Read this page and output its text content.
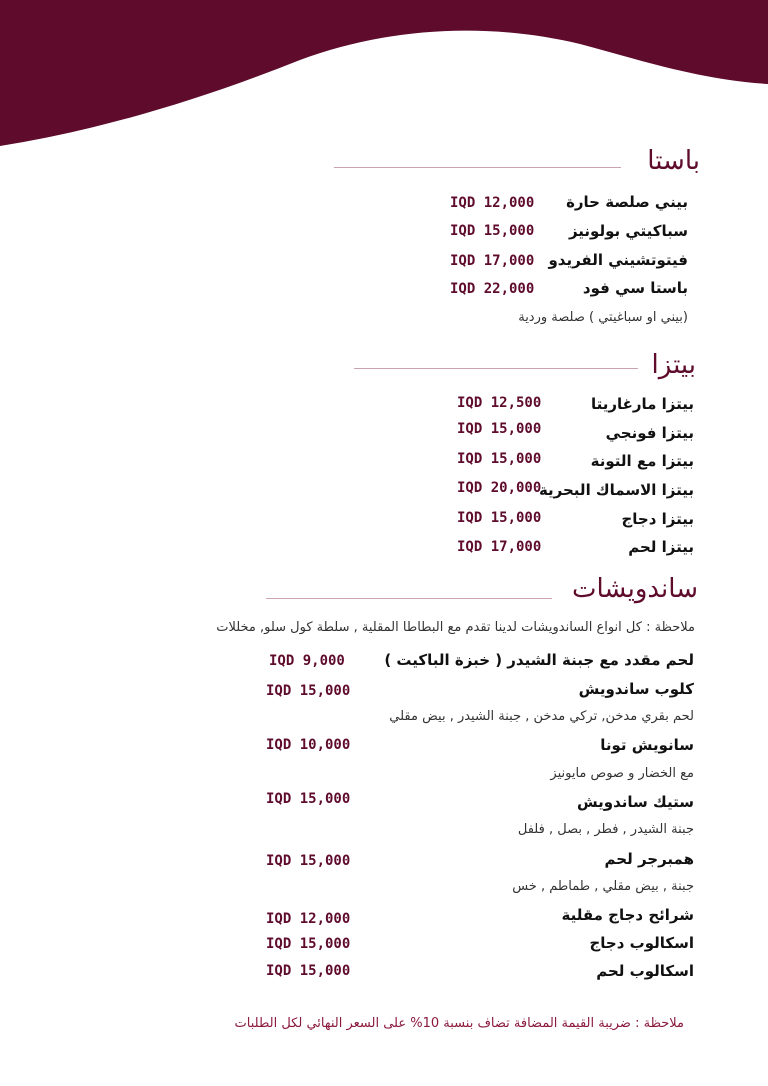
باستا
بيني صلصة حارة
IQD 12,000
سباكيتي بولونيز
IQD 15,000
فيتوتشيني الفريدو
IQD 17,000
باستا سي فود
IQD 22,000
(بيني او سباغيتي ) صلصة وردية
بيتزا
بيتزا مارغاريتا
IQD 12,500
بيتزا فونجي
IQD 15,000
بيتزا مع التونة
IQD 15,000
بيتزا الاسماك البحرية
IQD 20,000
بيتزا دجاج
IQD 15,000
بيتزا لحم
IQD 17,000
ساندويشات
ملاحظة : كل انواع الساندويشات لدينا تقدم مع البطاطا المقلية , سلطة كول سلو, مخللات
لحم مقدد مع جبنة الشيدر ( خبزة الباكيت )
IQD 9,000
كلوب ساندويش
IQD 15,000
لحم بقري مدخن, تركي مدخن , جبنة الشيدر , بيض مقلي
سانويش تونا
IQD 10,000
مع الخضار و صوص مايونيز
ستيك ساندويش
IQD 15,000
جبنة الشيدر , فطر , بصل , فلفل
همبرجر لحم
IQD 15,000
جبنة , بيض مقلي , طماطم , خس
شرائح دجاج مقلية
IQD 12,000
اسكالوب دجاج
IQD 15,000
اسكالوب لحم
IQD 15,000
ملاحظة : ضريبة القيمة المضافة تضاف بنسبة 10% على السعر النهائي لكل الطلبات
